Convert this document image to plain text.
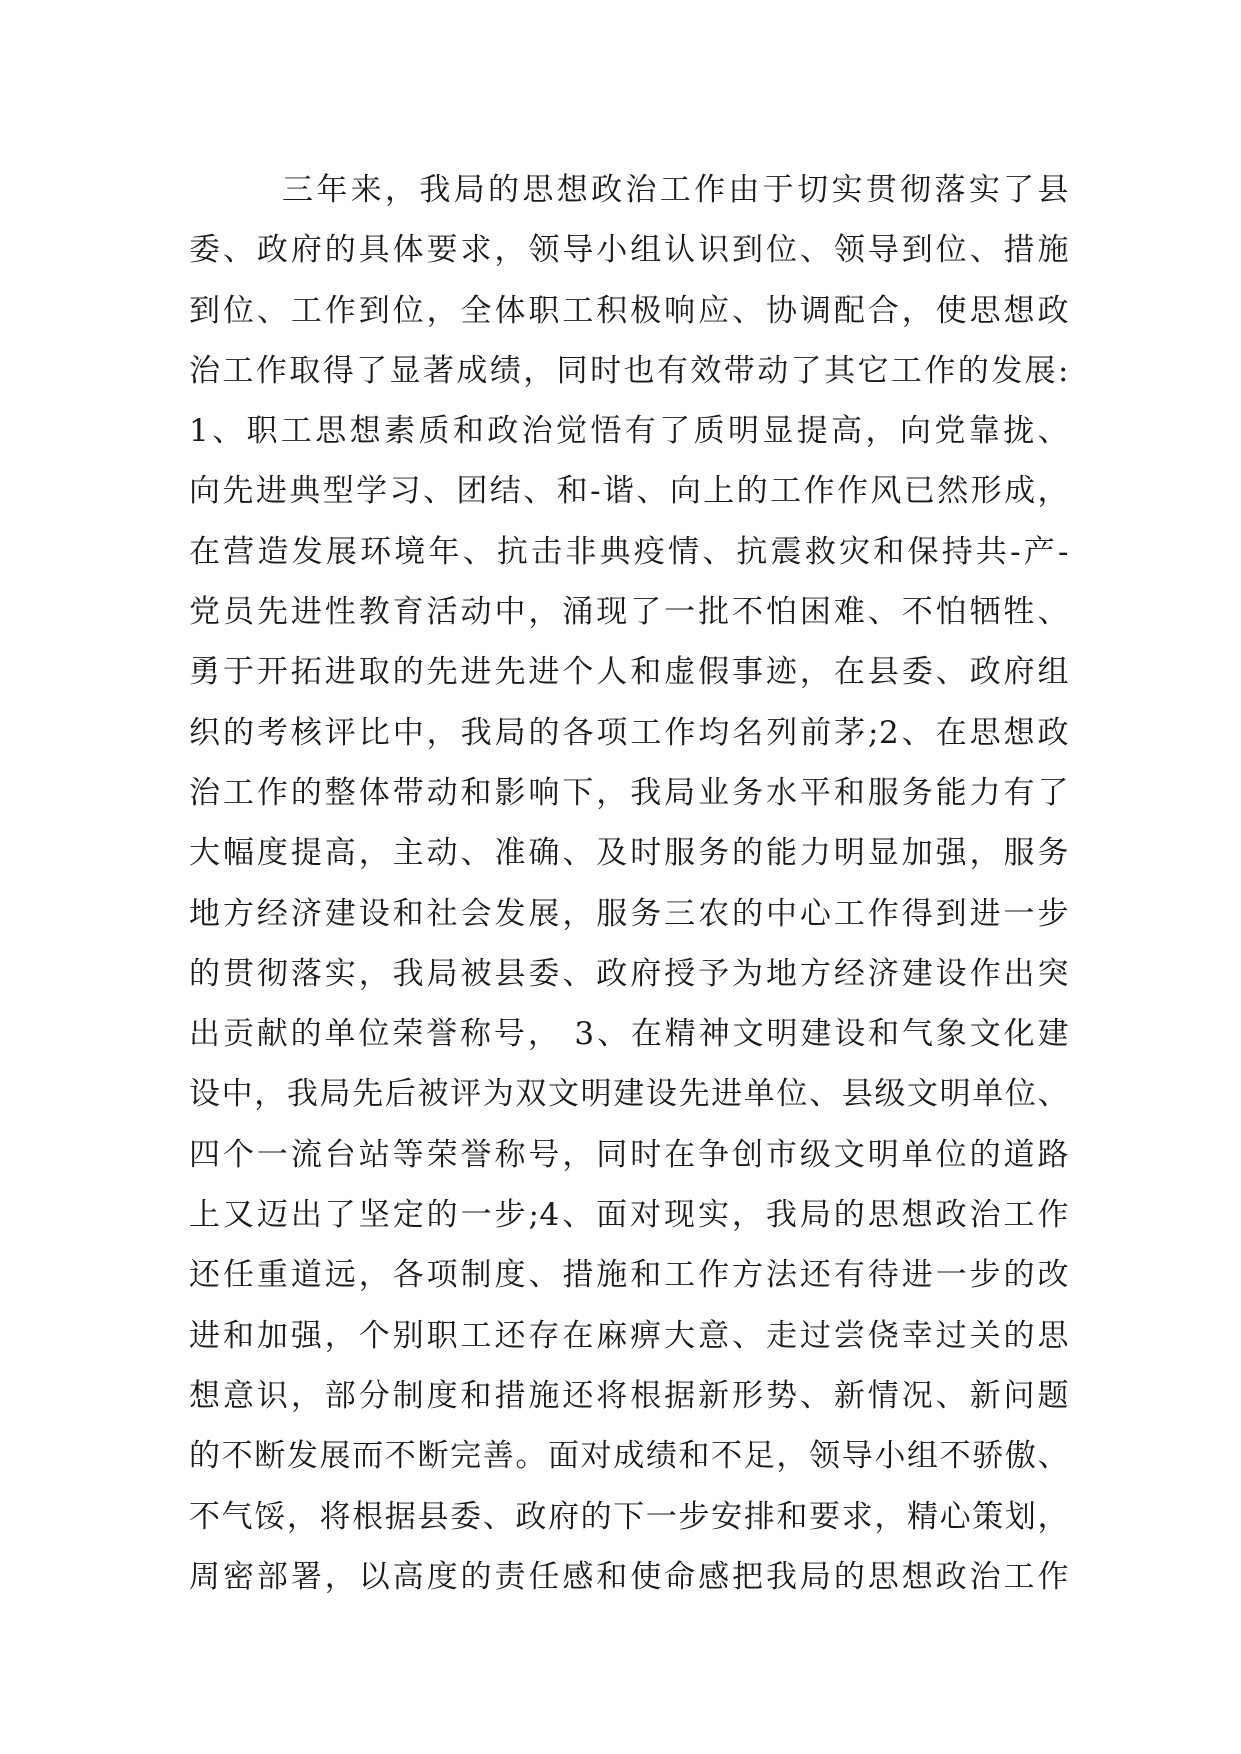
三年来，我局的思想政治工作由于切实贯彻落实了县
委、政府的具体要求，领导小组认识到位、领导到位、措施
到位、工作到位，全体职工积极响应、协调配合，使思想政
治工作取得了显著成绩，同时也有效带动了其它工作的发展:
1、职工思想素质和政治觉悟有了质明显提高，向党靠拢、
向先进典型学习、团结、和-谐、向上的工作作风已然形成，
在营造发展环境年、抗击非典疫情、抗震救灾和保持共-产-
党员先进性教育活动中，涌现了一批不怕困难、不怕牺牲、
勇于开拓进取的先进先进个人和虚假事迹，在县委、政府组
织的考核评比中，我局的各项工作均名列前茅;2、在思想政
治工作的整体带动和影响下，我局业务水平和服务能力有了
大幅度提高，主动、准确、及时服务的能力明显加强，服务
地方经济建设和社会发展，服务三农的中心工作得到进一步
的贯彻落实，我局被县委、政府授予为地方经济建设作出突
出贡献的单位荣誉称号， 3、在精神文明建设和气象文化建
设中，我局先后被评为双文明建设先进单位、县级文明单位、
四个一流台站等荣誉称号，同时在争创市级文明单位的道路
上又迈出了坚定的一步;4、面对现实，我局的思想政治工作
还任重道远，各项制度、措施和工作方法还有待进一步的改
进和加强，个别职工还存在麻痹大意、走过尝侥幸过关的思
想意识，部分制度和措施还将根据新形势、新情况、新问题
的不断发展而不断完善。面对成绩和不足，领导小组不骄傲、
不气馁，将根据县委、政府的下一步安排和要求，精心策划，
周密部署，以高度的责任感和使命感把我局的思想政治工作
